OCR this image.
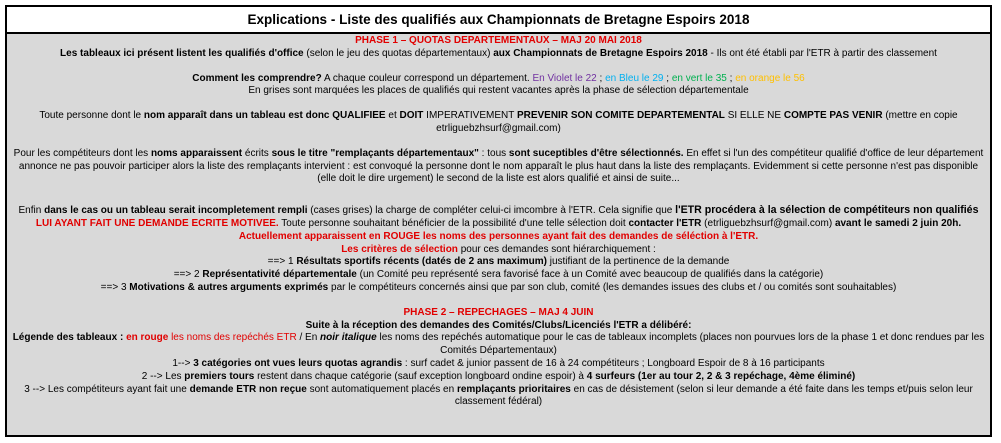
Explications - Liste des qualifiés aux Championnats de Bretagne Espoirs 2018
PHASE 1 – QUOTAS DEPARTEMENTAUX – MAJ 20 MAI 2018
Les tableaux ici présent listent les qualifiés d'office (selon le jeu des quotas départementaux) aux Championnats de Bretagne Espoirs 2018 - Ils ont été établi par l'ETR à partir des classement
Comment les comprendre? A chaque couleur correspond un département. En Violet le 22 ; en Bleu le 29 ; en vert le 35 ; en orange le 56
En grises sont marquées les places de qualifiés qui restent vacantes après la phase de sélection départementale
Toute personne dont le nom apparaît dans un tableau est donc QUALIFIEE et DOIT IMPERATIVEMENT PREVENIR SON COMITE DEPARTEMENTAL SI ELLE NE COMPTE PAS VENIR (mettre en copie etrliguebzhsurf@gmail.com)
Pour les compétiteurs dont les noms apparaissent écrits sous le titre "remplaçants départementaux" : tous sont suceptibles d'être sélectionnés. En effet si l'un des compétiteur qualifié d'office de leur département annonce ne pas pouvoir participer alors la liste des remplaçants intervient : est convoqué la personne dont le nom apparaît le plus haut dans la liste des remplaçants. Evidemment si cette personne n'est pas disponible (elle doit le dire urgement) le second de la liste est alors qualifié et ainsi de suite...
Enfin dans le cas ou un tableau serait incompletement rempli (cases grises) la charge de compléter celui-ci imcombre à l'ETR. Cela signifie que l'ETR procédera à la sélection de compétiteurs non qualifiés LUI AYANT FAIT UNE DEMANDE ECRITE MOTIVEE. Toute personne souhaitant bénéficier de la possibilité d'une telle sélection doit contacter l'ETR (etrliguebzhsurf@gmail.com) avant le samedi 2 juin 20h. Actuellement apparaissent en ROUGE les noms des personnes ayant fait des demandes de séléction à l'ETR.
Les critères de sélection pour ces demandes sont hiérarchiquement :
==> 1 Résultats sportifs récents (datés de 2 ans maximum) justifiant de la pertinence de la demande
==> 2 Représentativité départementale (un Comité peu représenté sera favorisé face à un Comité avec beaucoup de qualifiés dans la catégorie)
==> 3 Motivations & autres arguments exprimés par le compétiteurs concernés ainsi que par son club, comité (les demandes issues des clubs et / ou comités sont souhaitables)
PHASE 2 – REPECHAGES – MAJ 4 JUIN
Suite à la réception des demandes des Comités/Clubs/Licenciés l'ETR a délibéré:
Légende des tableaux : en rouge les noms des repéchés ETR / En noir italique les noms des repéchés automatique pour le cas de tableaux incomplets (places non pourvues lors de la phase 1 et donc rendues par les Comités Départementaux)
1--> 3 catégories ont vues leurs quotas agrandis : surf cadet & junior passent de 16 à 24 compétiteurs ; Longboard Espoir de 8 à 16 participants
2 --> Les premiers tours restent dans chaque catégorie (sauf exception longboard ondine espoir) à 4 surfeurs (1er au tour 2, 2 & 3 repéchage, 4ème éliminé)
3 --> Les compétiteurs ayant fait une demande ETR non reçue sont automatiquement placés en remplaçants prioritaires en cas de désistement (selon si leur demande a été faite dans les temps et/puis selon leur classement fédéral)
